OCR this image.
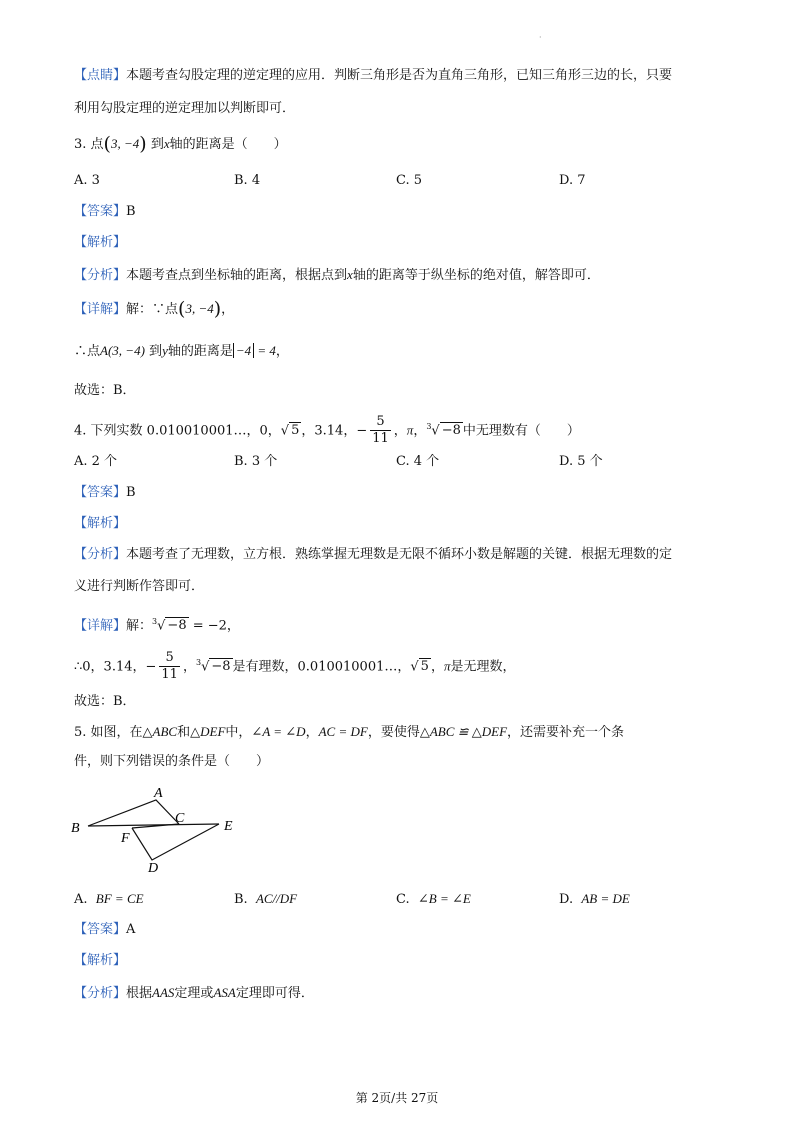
·
【点睛】本题考查勾股定理的逆定理的应用．判断三角形是否为直角三角形，已知三角形三边的长，只要
利用勾股定理的逆定理加以判断即可．
3. 点(3, −4) 到x轴的距离是（　　）
A. 3	B. 4	C. 5	D. 7
【答案】B
【解析】
【分析】本题考查点到坐标轴的距离，根据点到x轴的距离等于纵坐标的绝对值，解答即可．
【详解】解：∵点(3, −4)，
∴点A(3, −4) 到y轴的距离是 −4 = 4，
故选：B．
4. 下列实数 0.010010001…，0，√ 5 ，3.14，− $\frac{5}{11}$ ，π，$^3$√ −8 中无理数有（　　）
A. 2 个	B. 3 个	C. 4 个	D. 5 个
【答案】B
【解析】
【分析】本题考查了无理数，立方根．熟练掌握无理数是无限不循环小数是解题的关键．根据无理数的定
义进行判断作答即可．
【详解】解：$^3$√ −8 = −2，
∴0，3.14，− $\frac{5}{11}$ ，$^3$√ −8 是有理数，0.010010001…，√ 5 ，π是无理数，
故选：B．
5. 如图，在△ABC和△DEF中，∠A = ∠D，AC = DF，要使得△ABC ≌ △DEF，还需要补充一个条
件，则下列错误的条件是（　　）
A
B
C
D
E
F
A. BF = CE	B. AC//DF	C. ∠B = ∠E	D. AB = DE
【答案】A
【解析】
【分析】根据AAS定理或ASA定理即可得．
第 2页/共 27页
